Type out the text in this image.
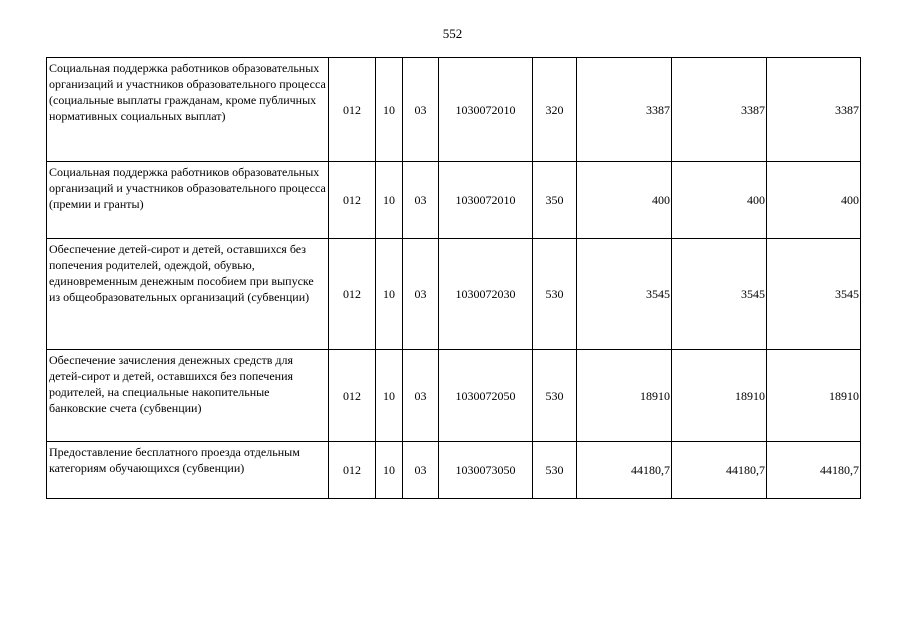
552
Социальная поддержка работников образовательных организаций и участников образовательного процесса (социальные выплаты гражданам, кроме публичных нормативных социальных выплат)	012	10	03	1030072010	320	3387	3387	3387
Социальная поддержка работников образовательных организаций и участников образовательного процесса (премии и гранты)	012	10	03	1030072010	350	400	400	400
Обеспечение детей-сирот и детей, оставшихся без попечения родителей, одеждой, обувью, единовременным денежным пособием при выпуске из общеобразовательных организаций (субвенции)	012	10	03	1030072030	530	3545	3545	3545
Обеспечение зачисления денежных средств для детей-сирот и детей, оставшихся без попечения родителей, на специальные накопительные банковские счета (субвенции)	012	10	03	1030072050	530	18910	18910	18910
Предоставление бесплатного проезда отдельным категориям обучающихся (субвенции)	012	10	03	1030073050	530	44180,7	44180,7	44180,7
